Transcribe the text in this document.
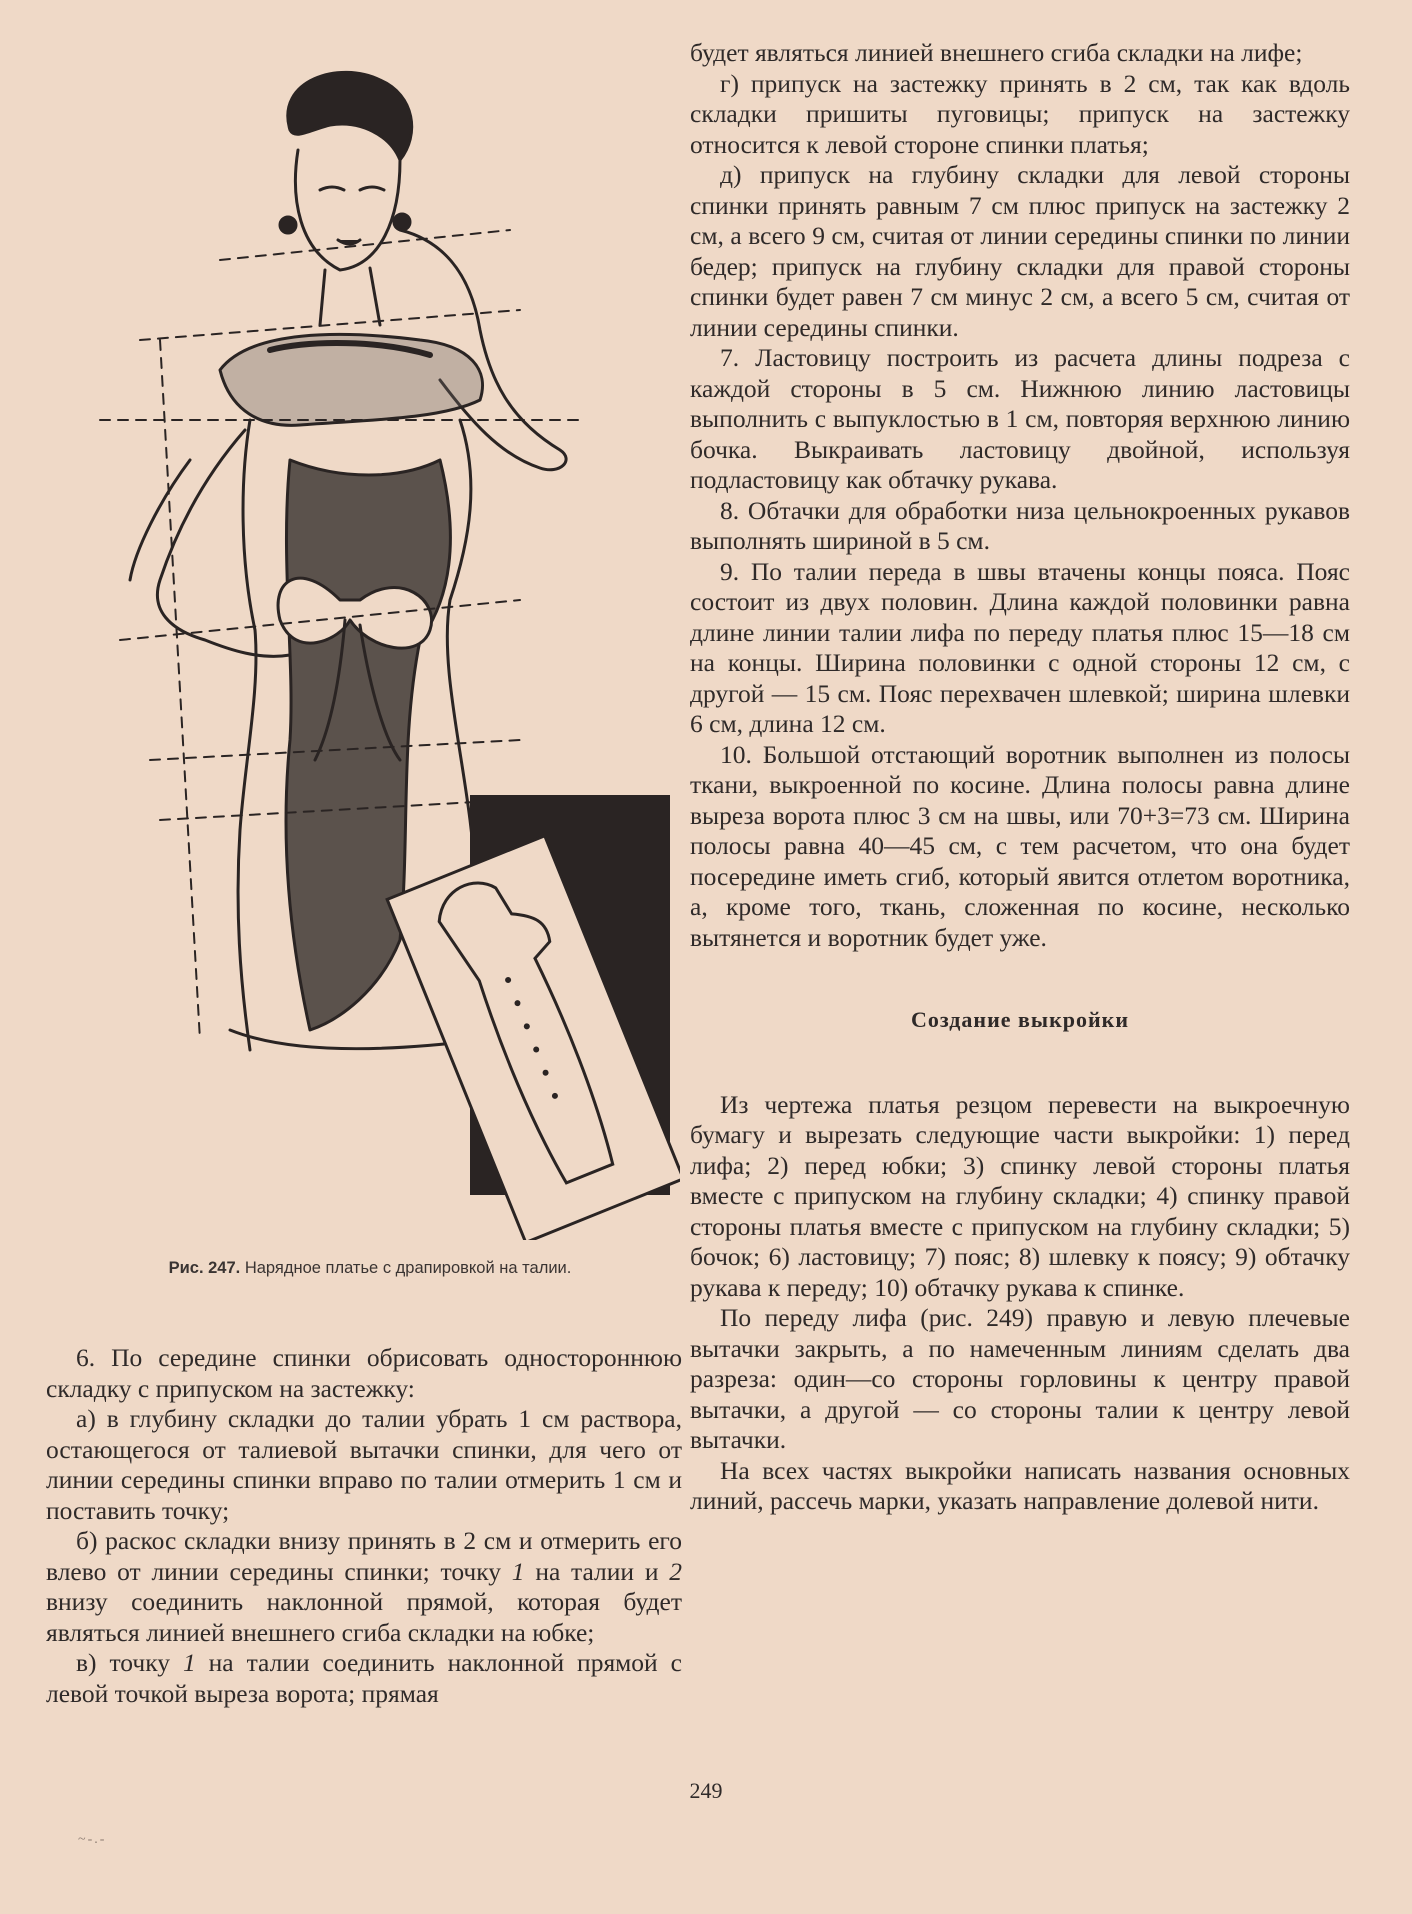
Рис. 247. Нарядное платье с драпировкой на талии.

будет являться линией внешнего сгиба складки на лифе;

г) припуск на застежку принять в 2 см, так как вдоль складки пришиты пуговицы; припуск на застежку относится к левой стороне спинки платья;

д) припуск на глубину складки для левой стороны спинки принять равным 7 см плюс припуск на застежку 2 см, а всего 9 см, считая от линии середины спинки по линии бедер; припуск на глубину складки для правой стороны спинки будет равен 7 см минус 2 см, а всего 5 см, считая от линии середины спинки.

7. Ластовицу построить из расчета длины подреза с каждой стороны в 5 см. Нижнюю линию ластовицы выполнить с выпуклостью в 1 см, повторяя верхнюю линию бочка. Выкраивать ластовицу двойной, используя подластовицу как обтачку рукава.

8. Обтачки для обработки низа цельнокроенных рукавов выполнять шириной в 5 см.

9. По талии переда в швы втачены концы пояса. Пояс состоит из двух половин. Длина каждой половинки равна длине линии талии лифа по переду платья плюс 15—18 см на концы. Ширина половинки с одной стороны 12 см, с другой — 15 см. Пояс перехвачен шлевкой; ширина шлевки 6 см, длина 12 см.

10. Большой отстающий воротник выполнен из полосы ткани, выкроенной по косине. Длина полосы равна длине выреза ворота плюс 3 см на швы, или 70+3=73 см. Ширина полосы равна 40—45 см, с тем расчетом, что она будет посередине иметь сгиб, который явится отлетом воротника, а, кроме того, ткань, сложенная по косине, несколько вытянется и воротник будет уже.

Создание выкройки

Из чертежа платья резцом перевести на выкроечную бумагу и вырезать следующие части выкройки: 1) перед лифа; 2) перед юбки; 3) спинку левой стороны платья вместе с припуском на глубину складки; 4) спинку правой стороны платья вместе с припуском на глубину складки; 5) бочок; 6) ластовицу; 7) пояс; 8) шлевку к поясу; 9) обтачку рукава к переду; 10) обтачку рукава к спинке.

По переду лифа (рис. 249) правую и левую плечевые вытачки закрыть, а по намеченным линиям сделать два разреза: один—со стороны горловины к центру правой вытачки, а другой — со стороны талии к центру левой вытачки.

На всех частях выкройки написать названия основных линий, рассечь марки, указать направление долевой нити.

6. По середине спинки обрисовать одностороннюю складку с припуском на застежку:

а) в глубину складки до талии убрать 1 см раствора, остающегося от талиевой вытачки спинки, для чего от линии середины спинки вправо по талии отмерить 1 см и поставить точку;

б) раскос складки внизу принять в 2 см и отмерить его влево от линии середины спинки; точку 1 на талии и 2 внизу соединить наклонной прямой, которая будет являться линией внешнего сгиба складки на юбке;

в) точку 1 на талии соединить наклонной прямой с левой точкой выреза ворота; прямая

249
~-.-
